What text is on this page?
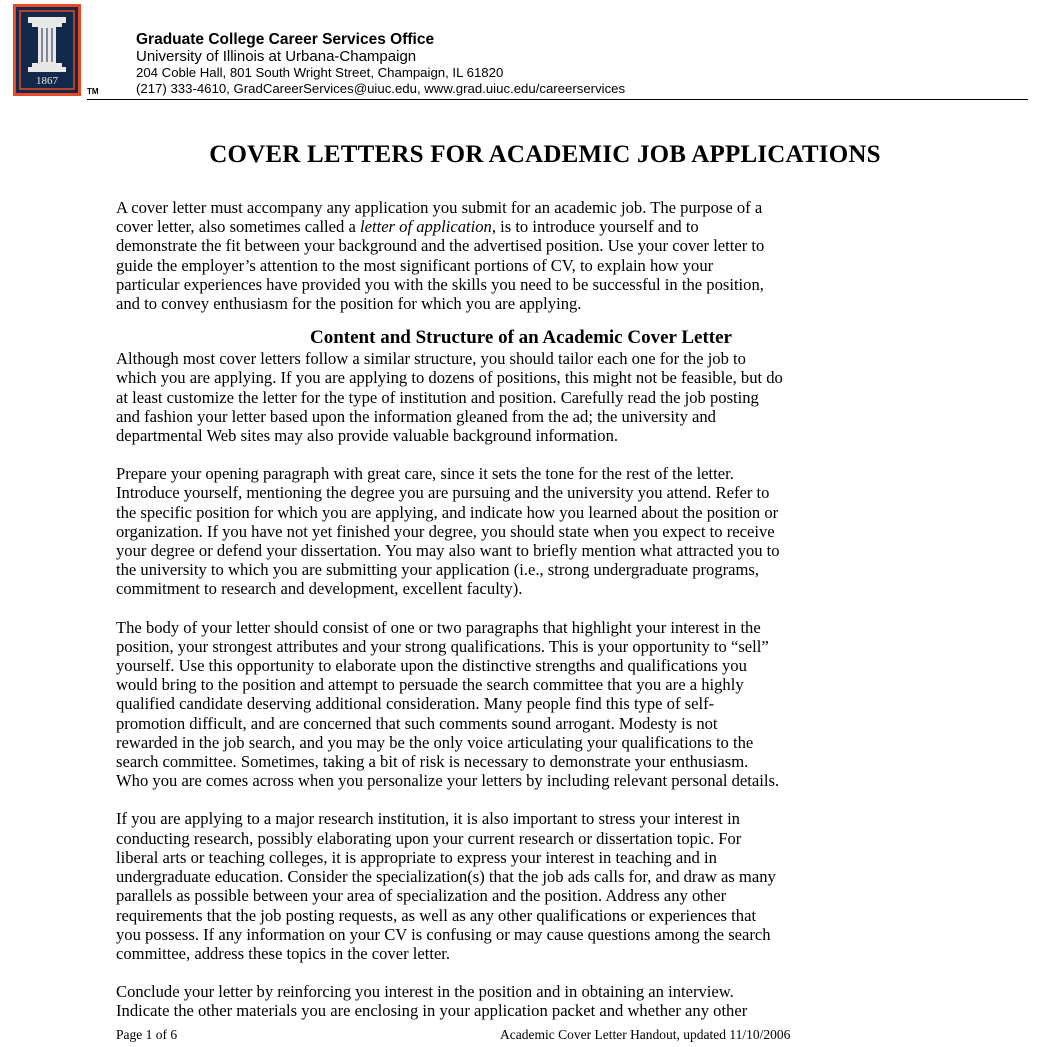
1867
TM
Graduate College Career Services Office
University of Illinois at Urbana-Champaign
204 Coble Hall, 801 South Wright Street, Champaign, IL 61820
(217) 333-4610, GradCareerServices@uiuc.edu, www.grad.uiuc.edu/careerservices
COVER LETTERS FOR ACADEMIC JOB APPLICATIONS

A cover letter must accompany any application you submit for an academic job. The purpose of a

cover letter, also sometimes called a letter of application, is to introduce yourself and to

demonstrate the fit between your background and the advertised position. Use your cover letter to

guide the employer’s attention to the most significant portions of CV, to explain how your

particular experiences have provided you with the skills you need to be successful in the position,

and to convey enthusiasm for the position for which you are applying.

Content and Structure of an Academic Cover Letter

Although most cover letters follow a similar structure, you should tailor each one for the job to

which you are applying. If you are applying to dozens of positions, this might not be feasible, but do

at least customize the letter for the type of institution and position. Carefully read the job posting

and fashion your letter based upon the information gleaned from the ad; the university and

departmental Web sites may also provide valuable background information.

Prepare your opening paragraph with great care, since it sets the tone for the rest of the letter.

Introduce yourself, mentioning the degree you are pursuing and the university you attend. Refer to

the specific position for which you are applying, and indicate how you learned about the position or

organization. If you have not yet finished your degree, you should state when you expect to receive

your degree or defend your dissertation. You may also want to briefly mention what attracted you to

the university to which you are submitting your application (i.e., strong undergraduate programs,

commitment to research and development, excellent faculty).

The body of your letter should consist of one or two paragraphs that highlight your interest in the

position, your strongest attributes and your strong qualifications. This is your opportunity to “sell”

yourself. Use this opportunity to elaborate upon the distinctive strengths and qualifications you

would bring to the position and attempt to persuade the search committee that you are a highly

qualified candidate deserving additional consideration. Many people find this type of self-

promotion difficult, and are concerned that such comments sound arrogant. Modesty is not

rewarded in the job search, and you may be the only voice articulating your qualifications to the

search committee. Sometimes, taking a bit of risk is necessary to demonstrate your enthusiasm.

Who you are comes across when you personalize your letters by including relevant personal details.

If you are applying to a major research institution, it is also important to stress your interest in

conducting research, possibly elaborating upon your current research or dissertation topic. For

liberal arts or teaching colleges, it is appropriate to express your interest in teaching and in

undergraduate education. Consider the specialization(s) that the job ads calls for, and draw as many

parallels as possible between your area of specialization and the position. Address any other

requirements that the job posting requests, as well as any other qualifications or experiences that

you possess. If any information on your CV is confusing or may cause questions among the search

committee, address these topics in the cover letter.

Conclude your letter by reinforcing you interest in the position and in obtaining an interview.

Indicate the other materials you are enclosing in your application packet and whether any other

Page 1 of 6	Academic Cover Letter Handout, updated 11/10/2006
